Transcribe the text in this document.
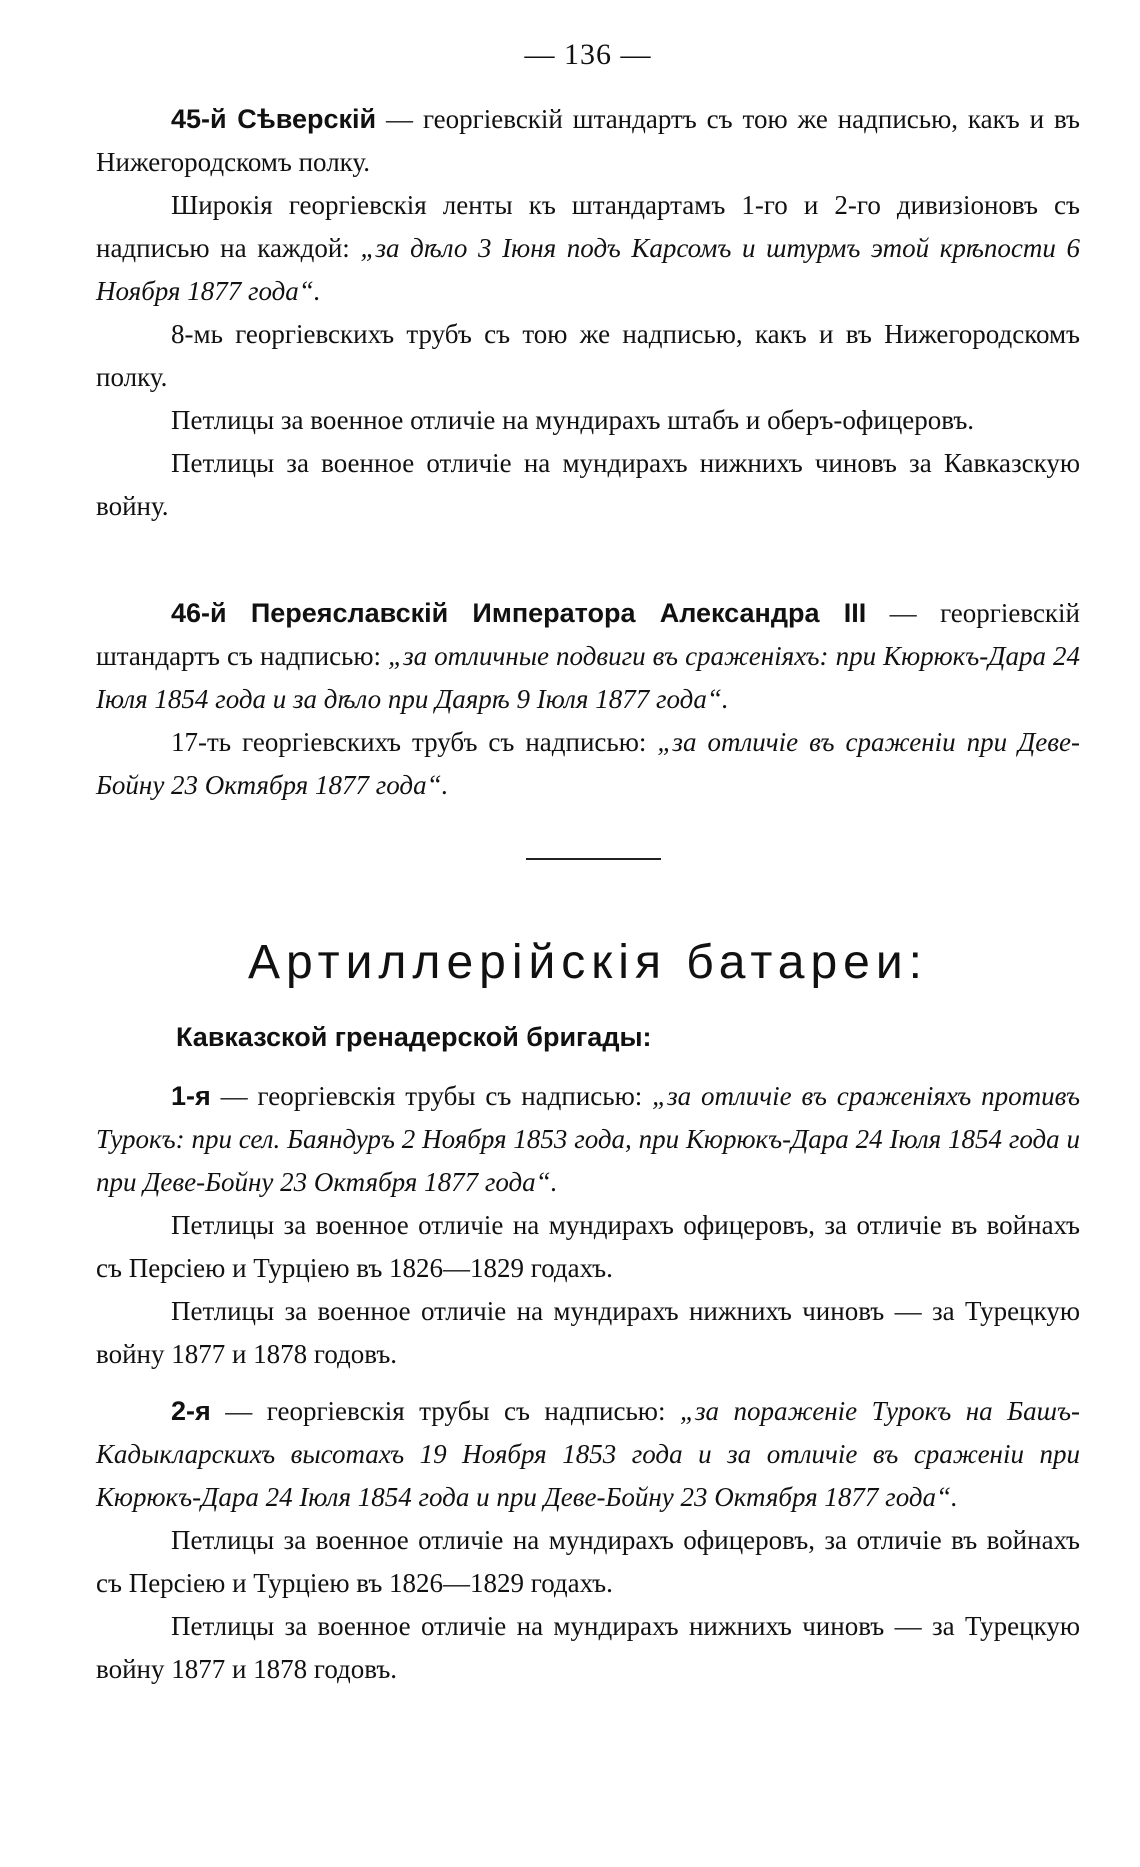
— 136 —

45-й Сѣверскій — георгіевскій штандартъ съ тою же надписью, какъ и въ Нижегородскомъ полку.

Широкія георгіевскія ленты къ штандартамъ 1-го и 2-го дивизіоновъ съ надписью на каждой: „за дѣло 3 Іюня подъ Карсомъ и штурмъ этой крѣпости 6 Ноября 1877 года“.

8-мь георгіевскихъ трубъ съ тою же надписью, какъ и въ Нижегородскомъ полку.

Петлицы за военное отличіе на мундирахъ штабъ и оберъ-офицеровъ.

Петлицы за военное отличіе на мундирахъ нижнихъ чиновъ за Кавказскую войну.

46-й Переяславскій Императора Александра III — георгіевскій штандартъ съ надписью: „за отличные подвиги въ сраженіяхъ: при Кюрюкъ-Дара 24 Іюля 1854 года и за дѣло при Даярѣ 9 Іюля 1877 года“.

17-ть георгіевскихъ трубъ съ надписью: „за отличіе въ сраженіи при Деве-Бойну 23 Октября 1877 года“.

Артиллерійскія батареи:
Кавказской гренадерской бригады:

1-я — георгіевскія трубы съ надписью: „за отличіе въ сраженіяхъ противъ Турокъ: при сел. Баяндуръ 2 Ноября 1853 года, при Кюрюкъ-Дара 24 Іюля 1854 года и при Деве-Бойну 23 Октября 1877 года“.

Петлицы за военное отличіе на мундирахъ офицеровъ, за отличіе въ войнахъ съ Персіею и Турціею въ 1826—1829 годахъ.

Петлицы за военное отличіе на мундирахъ нижнихъ чиновъ — за Турецкую войну 1877 и 1878 годовъ.

2-я — георгіевскія трубы съ надписью: „за пораженіе Турокъ на Башъ-Кадыкларскихъ высотахъ 19 Ноября 1853 года и за отличіе въ сраженіи при Кюрюкъ-Дара 24 Іюля 1854 года и при Деве-Бойну 23 Октября 1877 года“.

Петлицы за военное отличіе на мундирахъ офицеровъ, за отличіе въ войнахъ съ Персіею и Турціею въ 1826—1829 годахъ.

Петлицы за военное отличіе на мундирахъ нижнихъ чиновъ — за Турецкую войну 1877 и 1878 годовъ.
